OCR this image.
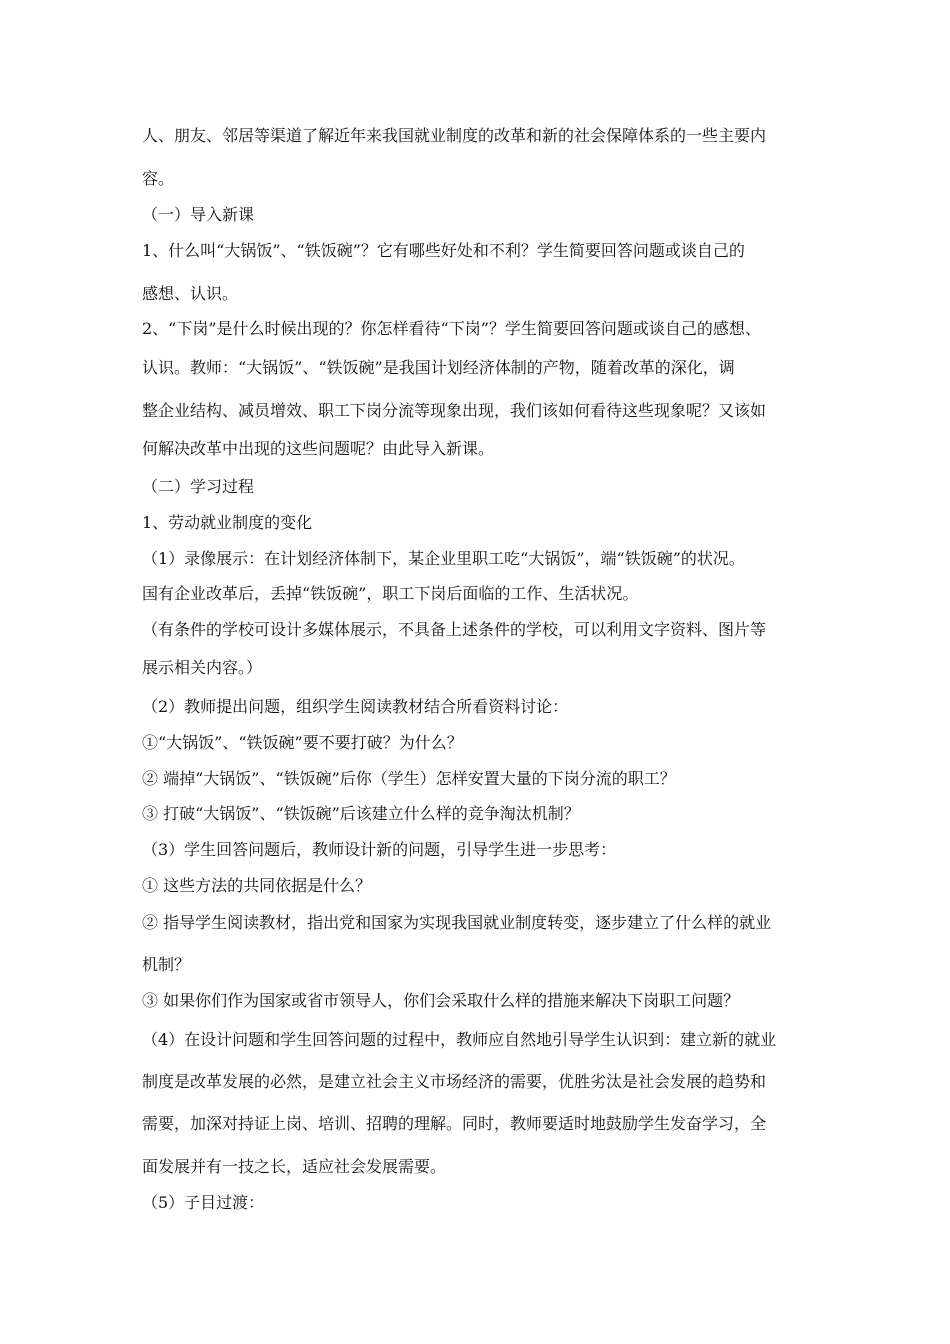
人、朋友、邻居等渠道了解近年来我国就业制度的改革和新的社会保障体系的一些主要内
容。
（一）导入新课
1、什么叫“大锅饭”、“铁饭碗”？它有哪些好处和不利？学生简要回答问题或谈自己的
感想、认识。
2、“下岗”是什么时候出现的？你怎样看待“下岗”？学生简要回答问题或谈自己的感想、
认识。教师：“大锅饭”、“铁饭碗”是我国计划经济体制的产物，随着改革的深化，调
整企业结构、减员增效、职工下岗分流等现象出现，我们该如何看待这些现象呢？又该如
何解决改革中出现的这些问题呢？由此导入新课。
（二）学习过程
1、劳动就业制度的变化
（1）录像展示：在计划经济体制下，某企业里职工吃“大锅饭”，端“铁饭碗”的状况。
国有企业改革后，丢掉“铁饭碗”，职工下岗后面临的工作、生活状况。
（有条件的学校可设计多媒体展示，不具备上述条件的学校，可以利用文字资料、图片等
展示相关内容。）
（2）教师提出问题，组织学生阅读教材结合所看资料讨论：
①“大锅饭”、“铁饭碗”要不要打破？为什么？
② 端掉“大锅饭”、“铁饭碗”后你（学生）怎样安置大量的下岗分流的职工？
③ 打破“大锅饭”、“铁饭碗”后该建立什么样的竞争淘汰机制？
（3）学生回答问题后，教师设计新的问题，引导学生进一步思考：
① 这些方法的共同依据是什么？
② 指导学生阅读教材，指出党和国家为实现我国就业制度转变，逐步建立了什么样的就业
机制？
③ 如果你们作为国家或省市领导人，你们会采取什么样的措施来解决下岗职工问题？
（4）在设计问题和学生回答问题的过程中，教师应自然地引导学生认识到：建立新的就业
制度是改革发展的必然，是建立社会主义市场经济的需要，优胜劣汰是社会发展的趋势和
需要，加深对持证上岗、培训、招聘的理解。同时，教师要适时地鼓励学生发奋学习，全
面发展并有一技之长，适应社会发展需要。
（5）子目过渡：
